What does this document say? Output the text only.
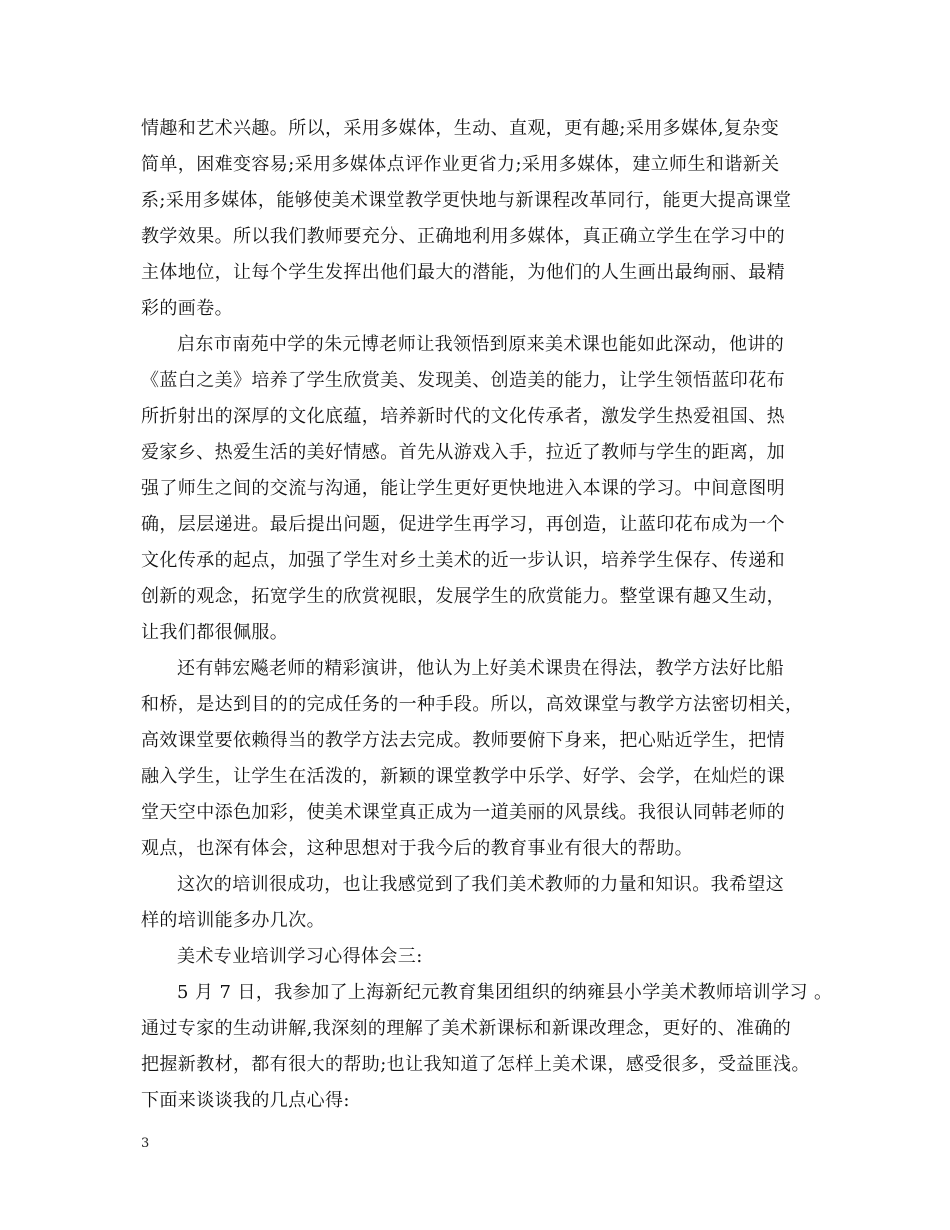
情趣和艺术兴趣。所以，采用多媒体，生动、直观，更有趣;采用多媒体,复杂变
简单，困难变容易;采用多媒体点评作业更省力;采用多媒体，建立师生和谐新关
系;采用多媒体，能够使美术课堂教学更快地与新课程改革同行，能更大提高课堂
教学效果。所以我们教师要充分、正确地利用多媒体，真正确立学生在学习中的
主体地位，让每个学生发挥出他们最大的潜能，为他们的人生画出最绚丽、最精
彩的画卷。
启东市南苑中学的朱元博老师让我领悟到原来美术课也能如此深动，他讲的
《蓝白之美》培养了学生欣赏美、发现美、创造美的能力，让学生领悟蓝印花布
所折射出的深厚的文化底蕴，培养新时代的文化传承者，激发学生热爱祖国、热
爱家乡、热爱生活的美好情感。首先从游戏入手，拉近了教师与学生的距离，加
强了师生之间的交流与沟通，能让学生更好更快地进入本课的学习。中间意图明
确，层层递进。最后提出问题，促进学生再学习，再创造，让蓝印花布成为一个
文化传承的起点，加强了学生对乡土美术的近一步认识，培养学生保存、传递和
创新的观念，拓宽学生的欣赏视眼，发展学生的欣赏能力。整堂课有趣又生动，
让我们都很佩服。
还有韩宏飚老师的精彩演讲，他认为上好美术课贵在得法，教学方法好比船
和桥，是达到目的的完成任务的一种手段。所以，高效课堂与教学方法密切相关，
高效课堂要依赖得当的教学方法去完成。教师要俯下身来，把心贴近学生，把情
融入学生，让学生在活泼的，新颖的课堂教学中乐学、好学、会学，在灿烂的课
堂天空中添色加彩，使美术课堂真正成为一道美丽的风景线。我很认同韩老师的
观点，也深有体会，这种思想对于我今后的教育事业有很大的帮助。
这次的培训很成功，也让我感觉到了我们美术教师的力量和知识。我希望这
样的培训能多办几次。
美术专业培训学习心得体会三:
5 月 7 日，我参加了上海新纪元教育集团组织的纳雍县小学美术教师培训学习 。
通过专家的生动讲解,我深刻的理解了美术新课标和新课改理念，更好的、准确的
把握新教材，都有很大的帮助;也让我知道了怎样上美术课，感受很多，受益匪浅。
下面来谈谈我的几点心得:
3
